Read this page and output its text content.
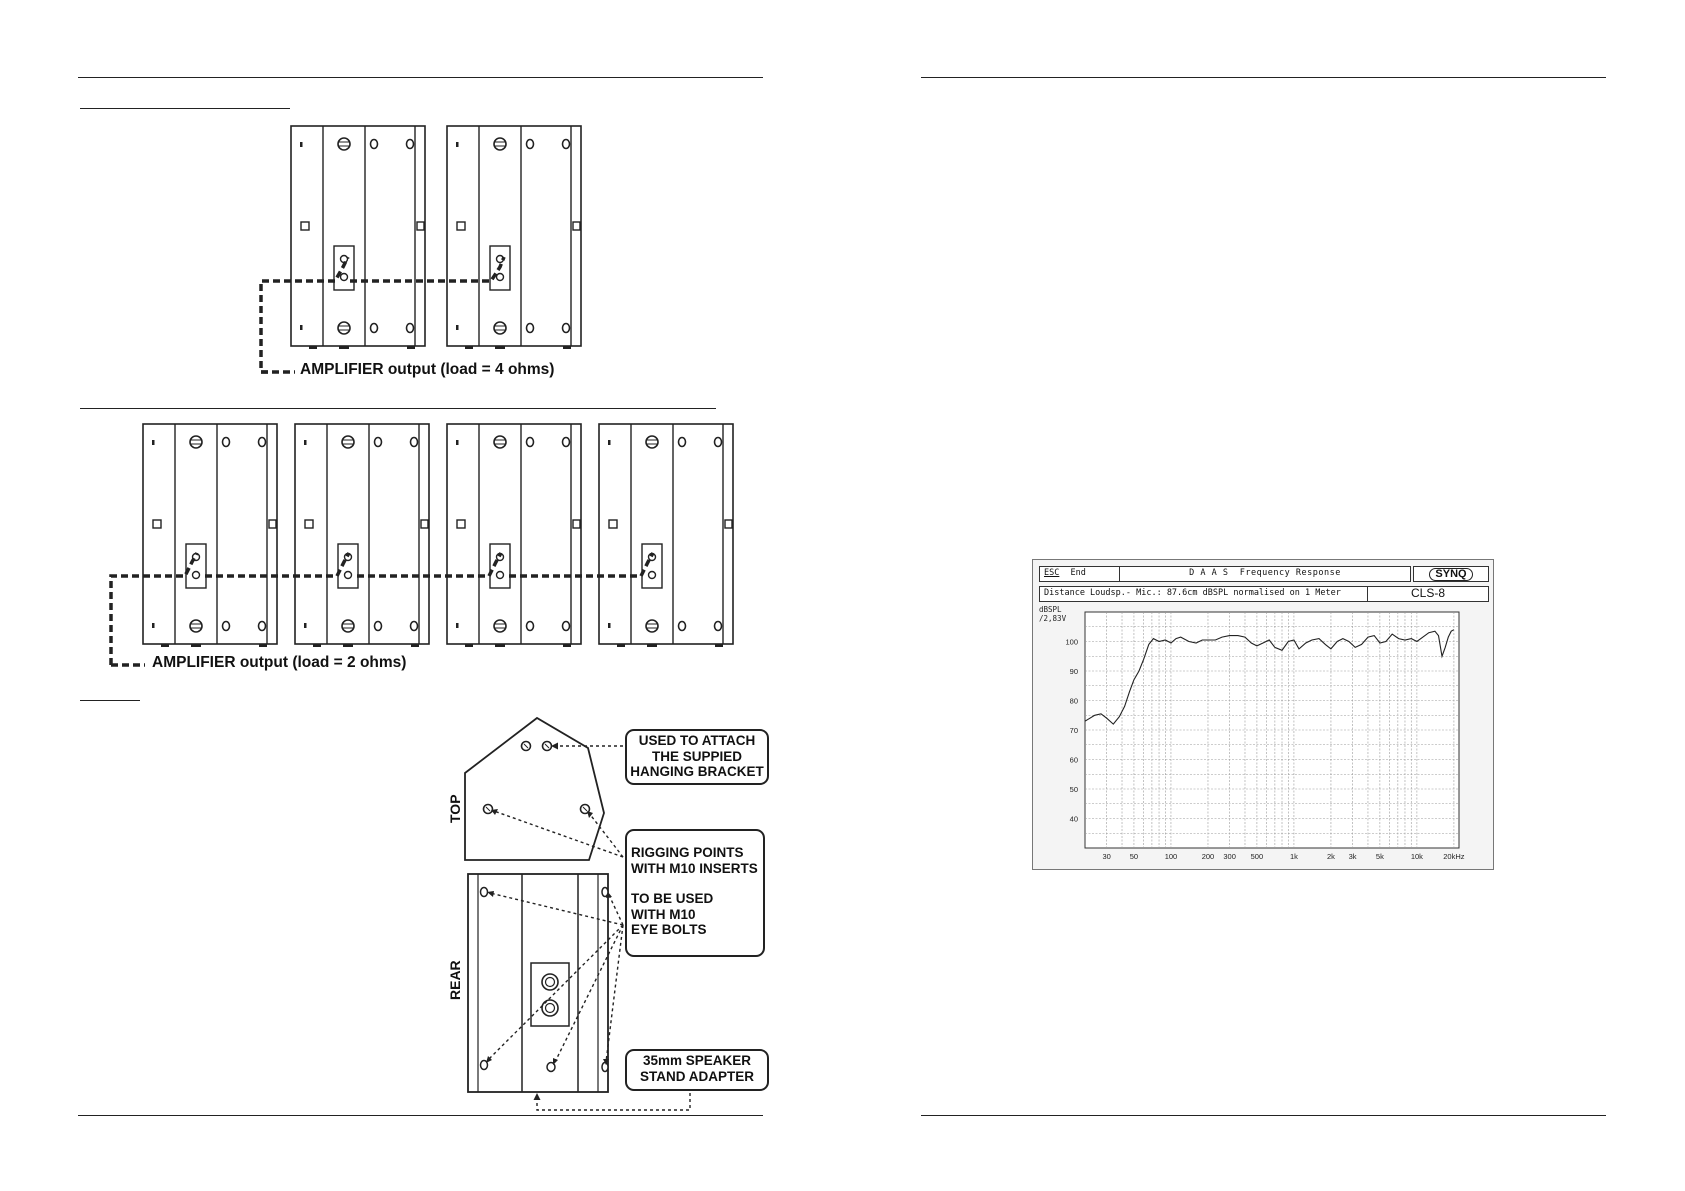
AMPLIFIER output (load = 4 ohms)
AMPLIFIER output (load = 2 ohms)
TOP
REAR
USED TO ATTACH
THE SUPPIED
HANGING BRACKET
RIGGING POINTS
WITH M10 INSERTS
TO BE USED
WITH M10
EYE BOLTS
35mm SPEAKER
STAND ADAPTER
ESC End	D A A S  Frequency Response	SYNQ
Distance Loudsp.- Mic.: 87.6cm dBSPL normalised on 1 Meter	CLS-8
dBSPL
/2,83V
40
50
60
70
80
90
100
30	50	100	200 300 500	1k	2k 3k	5k	10k	20kHz
